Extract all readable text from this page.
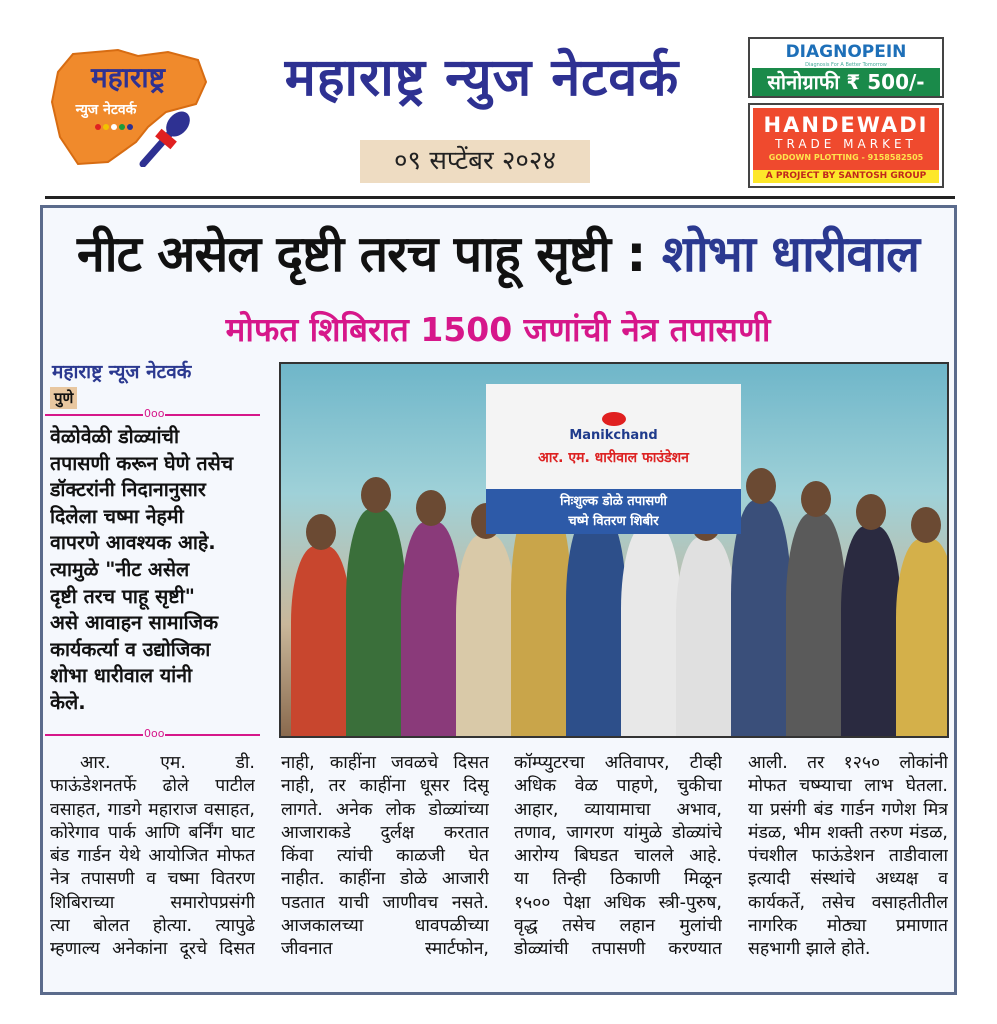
महाराष्ट्र
न्युज नेटवर्क
महाराष्ट्र न्युज नेटवर्क
०९ सप्टेंबर २०२४
DIAGNOPEIN
Diagnosis For A Better Tomorrow
सोनोग्राफी ₹ 500/-
HANDEWADI
TRADE MARKET
GODOWN PLOTTING - 9158582505
A PROJECT BY SANTOSH GROUP
नीट असेल दृष्टी तरच पाहू सृष्टी : शोभा धारीवाल
मोफत शिबिरात 1500 जणांची नेत्र तपासणी
महाराष्ट्र न्यूज नेटवर्क
पुणे
0oo
वेळोवेळी डोळ्यांची
तपासणी करून घेणे तसेच
डॉक्टरांनी निदानानुसार
दिलेला चष्मा नेहमी
वापरणे आवश्यक आहे.
त्यामुळे "नीट असेल
दृष्टी तरच पाहू सृष्टी"
असे आवाहन सामाजिक
कार्यकर्त्या व उद्योजिका
शोभा धारीवाल यांनी
केले.
0oo
Manikchand
आर. एम. धारीवाल फाउंडेशन
निःशुल्क डोळे तपासणी
चष्मे वितरण शिबीर
आर. एम. डी.
फाऊंडेशनतर्फे ढोले पाटील
वसाहत, गाडगे महाराज वसाहत,
कोरेगाव पार्क आणि बर्निंग घाट
बंड गार्डन येथे आयोजित मोफत
नेत्र तपासणी व चष्मा वितरण
शिबिराच्या समारोपप्रसंगी
त्या बोलत होत्या. त्यापुढे
म्हणाल्य अनेकांना दूरचे दिसत
नाही, काहींना जवळचे दिसत
नाही, तर काहींना धूसर दिसू
लागते. अनेक लोक डोळ्यांच्या
आजाराकडे दुर्लक्ष करतात
किंवा त्यांची काळजी घेत
नाहीत. काहींना डोळे आजारी
पडतात याची जाणीवच नसते.
आजकालच्या धावपळीच्या
जीवनात स्मार्टफोन,
कॉम्प्युटरचा अतिवापर, टीव्ही
अधिक वेळ पाहणे, चुकीचा
आहार, व्यायामाचा अभाव,
तणाव, जागरण यांमुळे डोळ्यांचे
आरोग्य बिघडत चालले आहे.
या तिन्ही ठिकाणी मिळून
१५०० पेक्षा अधिक स्त्री-पुरुष,
वृद्ध तसेच लहान मुलांची
डोळ्यांची तपासणी करण्यात
आली. तर १२५० लोकांनी
मोफत चष्म्याचा लाभ घेतला.
या प्रसंगी बंड गार्डन गणेश मित्र
मंडळ, भीम शक्ती तरुण मंडळ,
पंचशील फाऊंडेशन ताडीवाला
इत्यादी संस्थांचे अध्यक्ष व
कार्यकर्ते, तसेच वसाहतीतील
नागरिक मोठ्या प्रमाणात
सहभागी झाले होते.
